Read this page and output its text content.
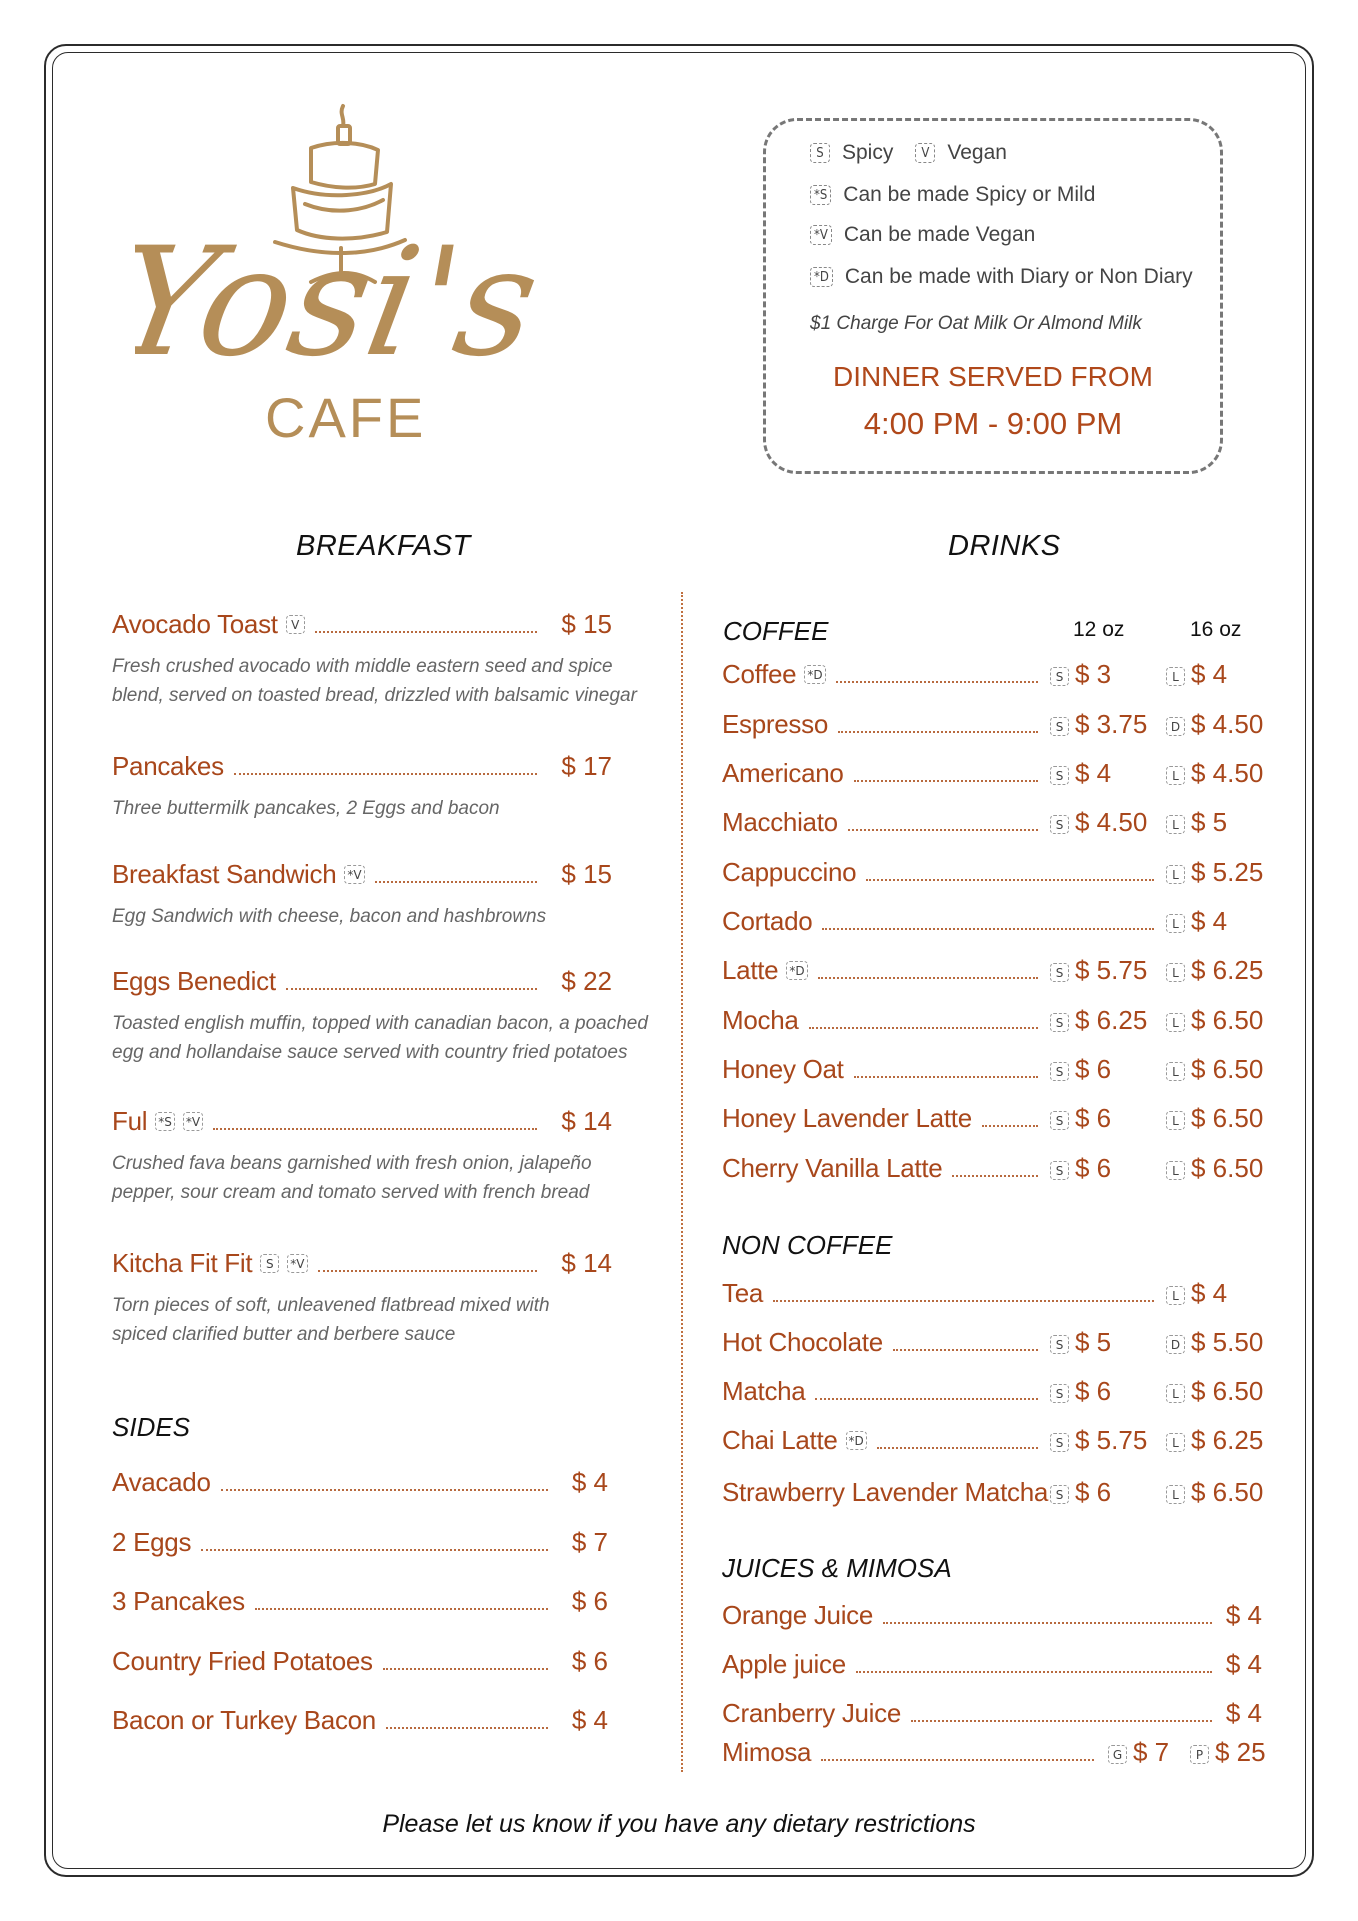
Yosi's
CAFE
S Spicy	V Vegan
*S Can be made Spicy or Mild
*V Can be made Vegan
*D Can be made with Diary or Non Diary
$1 Charge For Oat Milk Or Almond Milk
DINNER SERVED FROM
4:00 PM - 9:00 PM
BREAKFAST	DRINKS
Avocado Toast	V	$ 15
Fresh crushed avocado with middle eastern seed and spice
blend, served on toasted bread, drizzled with balsamic vinegar
Pancakes	$ 17
Three buttermilk pancakes, 2 Eggs and bacon
Breakfast Sandwich *V	$ 15
Egg Sandwich with cheese, bacon and hashbrowns
Eggs Benedict	$ 22
Toasted english muffin, topped with canadian bacon, a poached
egg and hollandaise sauce served with country fried potatoes
Ful *S *V	$ 14
Crushed fava beans garnished with fresh onion, jalapeño
pepper, sour cream and tomato served with french bread
Kitcha Fit Fit	S	*V	$ 14
Torn pieces of soft, unleavened flatbread mixed with
spiced clarified butter and berbere sauce
SIDES
Avacado	$ 4
2 Eggs	$ 7
3 Pancakes	$ 6
Country Fried Potatoes	$ 6
Bacon or Turkey Bacon	$ 4
COFFEE	12 oz	16 oz
Coffee *D	S $ 3	L $ 4
Espresso	S $ 3.75	D $ 4.50
Americano	S $ 4	L $ 4.50
Macchiato	S $ 4.50	L $ 5
Cappuccino	L $ 5.25
Cortado	L $ 4
Latte *D	S $ 5.75	L $ 6.25
Mocha	S $ 6.25	L $ 6.50
Honey Oat	S $ 6	L $ 6.50
Honey Lavender Latte	S $ 6	L $ 6.50
Cherry Vanilla Latte	S $ 6	L $ 6.50
NON COFFEE
Tea	L $ 4
Hot Chocolate	S $ 5	D $ 5.50
Matcha	S $ 6	L $ 6.50
Chai Latte *D	S $ 5.75	L $ 6.25
Strawberry Lavender Matcha S $ 6	L $ 6.50
JUICES & MIMOSA
Orange Juice	$ 4
Apple juice	$ 4
Cranberry Juice	$ 4
Mimosa	G $ 7	P $ 25
Please let us know if you have any dietary restrictions
